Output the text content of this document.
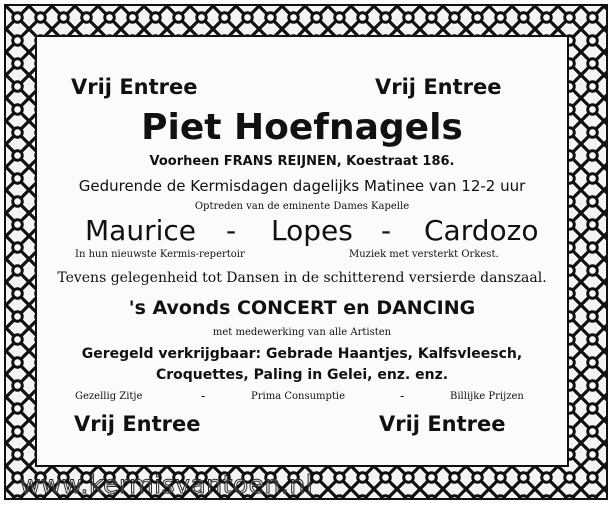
Vrij Entree	Vrij Entree
Piet Hoefnagels
Voorheen FRANS REIJNEN, Koestraat 186.
Gedurende de Kermisdagen dagelijks Matinee van 12-2 uur
Optreden van de eminente Dames Kapelle
Maurice - Lopes - Cardozo
In hun nieuwste Kermis-repertoir	Muziek met versterkt Orkest.
Tevens gelegenheid tot Dansen in de schitterend versierde danszaal.
's Avonds CONCERT en DANCING
met medewerking van alle Artisten
Geregeld verkrijgbaar: Gebrade Haantjes, Kalfsvleesch,
Croquettes, Paling in Gelei, enz. enz.
Gezellig Zitje	-	Prima Consumptie	-	Billijke Prijzen
Vrij Entree	Vrij Entree
www.kermisvantoen.nl
